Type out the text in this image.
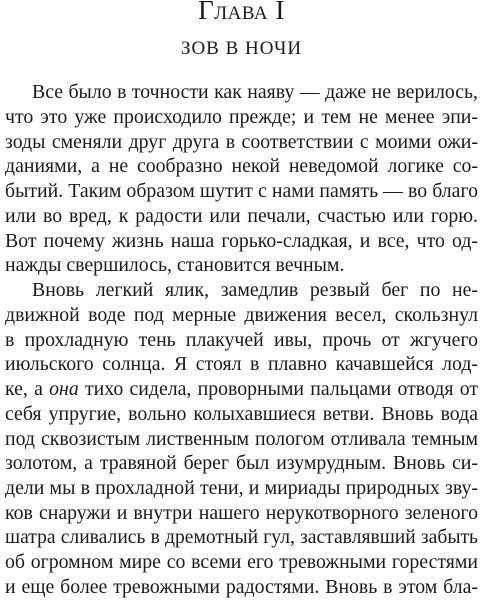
Глава I
ЗОВ В НОЧИ
Все было в точности как наяву — даже не верилось,
что это уже происходило прежде; и тем не менее эпи-
зоды сменяли друг друга в соответствии с моими ожи-
даниями, а не сообразно некой неведомой логике со-
бытий. Таким образом шутит с нами память — во благо
или во вред, к радости или печали, счастью или горю.
Вот почему жизнь наша горько-сладкая, и все, что од-
нажды свершилось, становится вечным.
Вновь легкий ялик, замедлив резвый бег по не-
движной воде под мерные движения весел, скользнул
в прохладную тень плакучей ивы, прочь от жгучего
июльского солнца. Я стоял в плавно качавшейся лод-
ке, а она тихо сидела, проворными пальцами отводя от
себя упругие, вольно колыхавшиеся ветви. Вновь вода
под сквозистым лиственным пологом отливала темным
золотом, а травяной берег был изумрудным. Вновь си-
дели мы в прохладной тени, и мириады природных зву-
ков снаружи и внутри нашего нерукотворного зеленого
шатра сливались в дремотный гул, заставлявший забыть
об огромном мире со всеми его тревожными горестями
и еще более тревожными радостями. Вновь в этом бла-
